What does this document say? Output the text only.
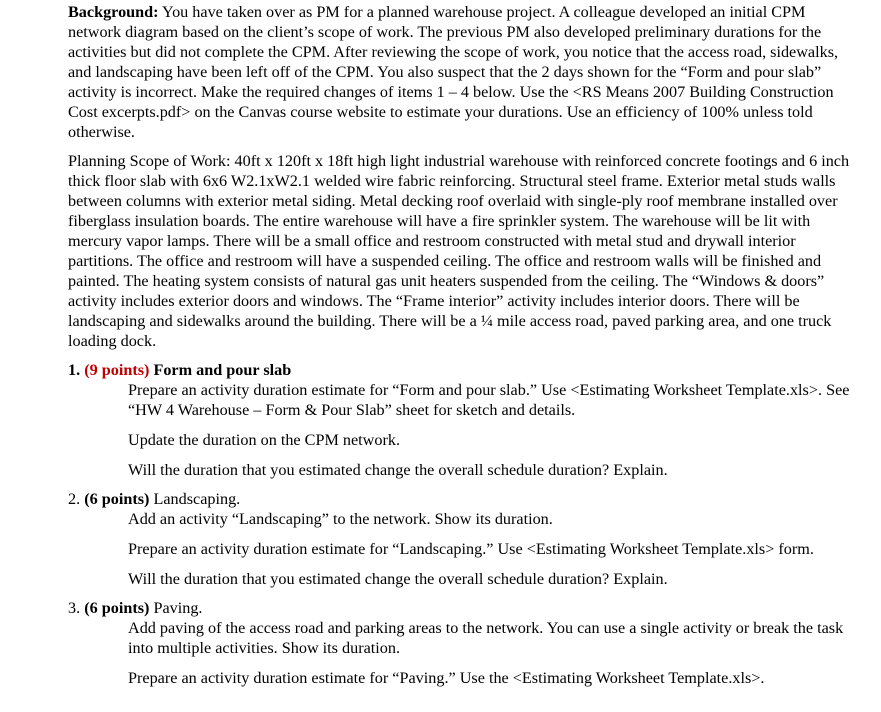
Background: You have taken over as PM for a planned warehouse project. A colleague developed an initial CPM network diagram based on the client’s scope of work. The previous PM also developed preliminary durations for the activities but did not complete the CPM. After reviewing the scope of work, you notice that the access road, sidewalks, and landscaping have been left off of the CPM. You also suspect that the 2 days shown for the “Form and pour slab” activity is incorrect. Make the required changes of items 1 – 4 below. Use the <RS Means 2007 Building Construction Cost excerpts.pdf> on the Canvas course website to estimate your durations. Use an efficiency of 100% unless told otherwise.

Planning Scope of Work: 40ft x 120ft x 18ft high light industrial warehouse with reinforced concrete footings and 6 inch thick floor slab with 6x6 W2.1xW2.1 welded wire fabric reinforcing. Structural steel frame. Exterior metal studs walls between columns with exterior metal siding. Metal decking roof overlaid with single-ply roof membrane installed over fiberglass insulation boards. The entire warehouse will have a fire sprinkler system. The warehouse will be lit with mercury vapor lamps. There will be a small office and restroom constructed with metal stud and drywall interior partitions. The office and restroom will have a suspended ceiling. The office and restroom walls will be finished and painted. The heating system consists of natural gas unit heaters suspended from the ceiling. The “Windows & doors” activity includes exterior doors and windows. The “Frame interior” activity includes interior doors. There will be landscaping and sidewalks around the building. There will be a ¼ mile access road, paved parking area, and one truck loading dock.

1. (9 points) Form and pour slab

Prepare an activity duration estimate for “Form and pour slab.” Use <Estimating Worksheet Template.xls>. See “HW 4 Warehouse – Form & Pour Slab” sheet for sketch and details.

Update the duration on the CPM network.

Will the duration that you estimated change the overall schedule duration? Explain.

2. (6 points) Landscaping.

Add an activity “Landscaping” to the network. Show its duration.

Prepare an activity duration estimate for “Landscaping.” Use <Estimating Worksheet Template.xls> form.

Will the duration that you estimated change the overall schedule duration? Explain.

3. (6 points) Paving.

Add paving of the access road and parking areas to the network. You can use a single activity or break the task into multiple activities. Show its duration.

Prepare an activity duration estimate for “Paving.” Use the <Estimating Worksheet Template.xls>.
